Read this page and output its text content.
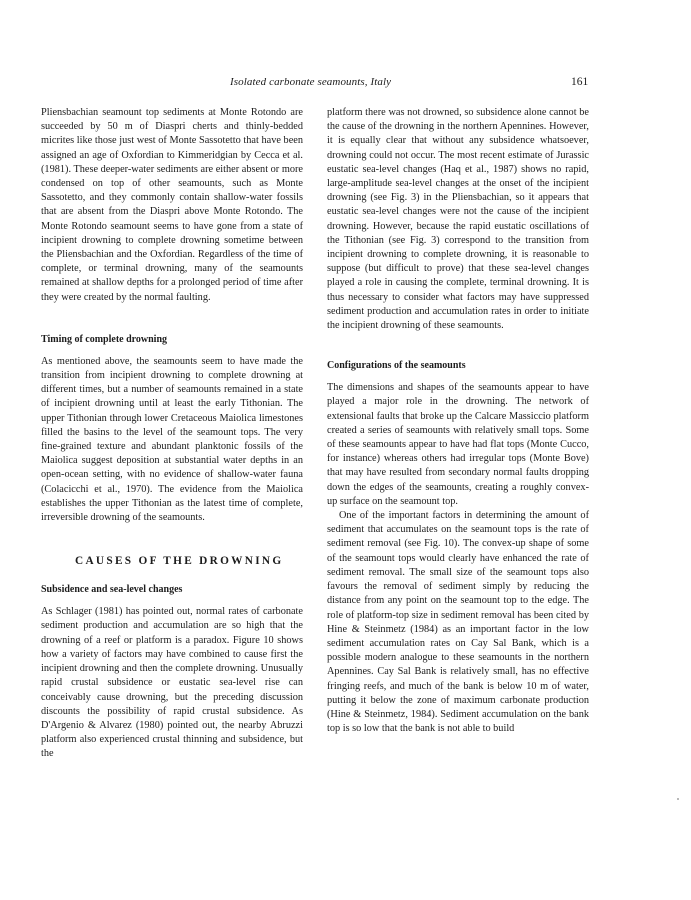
Isolated carbonate seamounts, Italy	161

Pliensbachian seamount top sediments at Monte Rotondo are succeeded by 50 m of Diaspri cherts and thinly-bedded micrites like those just west of Monte Sassotetto that have been assigned an age of Oxfordian to Kimmeridgian by Cecca et al. (1981). These deeper-water sediments are either absent or more condensed on top of other seamounts, such as Monte Sassotetto, and they commonly contain shallow-water fossils that are absent from the Diaspri above Monte Rotondo. The Monte Rotondo seamount seems to have gone from a state of incipient drowning to complete drowning sometime between the Pliensbachian and the Oxfordian. Regardless of the time of complete, or terminal drowning, many of the seamounts remained at shallow depths for a prolonged period of time after they were created by the normal faulting.

Timing of complete drowning

As mentioned above, the seamounts seem to have made the transition from incipient drowning to complete drowning at different times, but a number of seamounts remained in a state of incipient drowning until at least the early Tithonian. The upper Tithonian through lower Cretaceous Maiolica limestones filled the basins to the level of the seamount tops. The very fine-grained texture and abundant planktonic fossils of the Maiolica suggest deposition at substantial water depths in an open-ocean setting, with no evidence of shallow-water fauna (Colacicchi et al., 1970). The evidence from the Maiolica establishes the upper Tithonian as the latest time of complete, irreversible drowning of the seamounts.

CAUSES OF THE DROWNING

Subsidence and sea-level changes

As Schlager (1981) has pointed out, normal rates of carbonate sediment production and accumulation are so high that the drowning of a reef or platform is a paradox. Figure 10 shows how a variety of factors may have combined to cause first the incipient drowning and then the complete drowning. Unusually rapid crustal subsidence or eustatic sea-level rise can conceivably cause drowning, but the preceding discussion discounts the possibility of rapid crustal subsidence. As D'Argenio & Alvarez (1980) pointed out, the nearby Abruzzi platform also experienced crustal thinning and subsidence, but the

platform there was not drowned, so subsidence alone cannot be the cause of the drowning in the northern Apennines. However, it is equally clear that without any subsidence whatsoever, drowning could not occur. The most recent estimate of Jurassic eustatic sea-level changes (Haq et al., 1987) shows no rapid, large-amplitude sea-level changes at the onset of the incipient drowning (see Fig. 3) in the Pliensbachian, so it appears that eustatic sea-level changes were not the cause of the incipient drowning. However, because the rapid eustatic oscillations of the Tithonian (see Fig. 3) correspond to the transition from incipient drowning to complete drowning, it is reasonable to suppose (but difficult to prove) that these sea-level changes played a role in causing the complete, terminal drowning. It is thus necessary to consider what factors may have suppressed sediment production and accumulation rates in order to initiate the incipient drowning of these seamounts.

Configurations of the seamounts

The dimensions and shapes of the seamounts appear to have played a major role in the drowning. The network of extensional faults that broke up the Calcare Massiccio platform created a series of seamounts with relatively small tops. Some of these seamounts appear to have had flat tops (Monte Cucco, for instance) whereas others had irregular tops (Monte Bove) that may have resulted from secondary normal faults dropping down the edges of the seamounts, creating a roughly convex-up surface on the seamount top.

One of the important factors in determining the amount of sediment that accumulates on the seamount tops is the rate of sediment removal (see Fig. 10). The convex-up shape of some of the seamount tops would clearly have enhanced the rate of sediment removal. The small size of the seamount tops also favours the removal of sediment simply by reducing the distance from any point on the seamount top to the edge. The role of platform-top size in sediment removal has been cited by Hine & Steinmetz (1984) as an important factor in the low sediment accumulation rates on Cay Sal Bank, which is a possible modern analogue to these seamounts in the northern Apennines. Cay Sal Bank is relatively small, has no effective fringing reefs, and much of the bank is below 10 m of water, putting it below the zone of maximum carbonate production (Hine & Steinmetz, 1984). Sediment accumulation on the bank top is so low that the bank is not able to build
